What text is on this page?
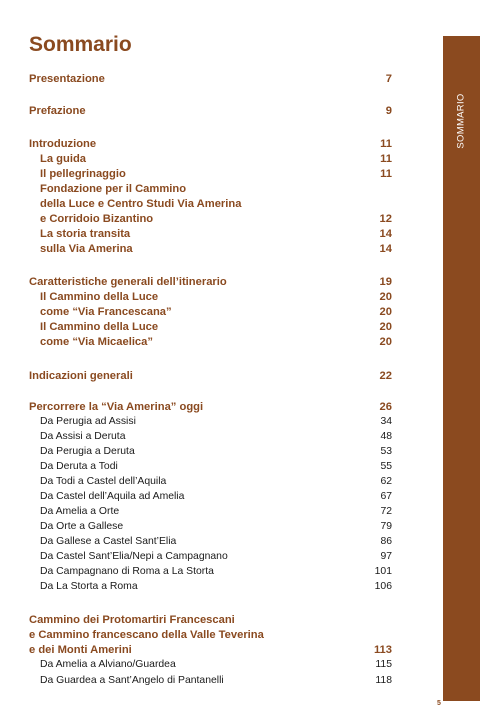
Sommario
SOMMARIO
Presentazione	7
Prefazione	9
Introduzione	11
La guida	11
Il pellegrinaggio	11
Fondazione per il Cammino
della Luce e Centro Studi Via Amerina
e Corridoio Bizantino	12
La storia transita	14
sulla Via Amerina	14
Caratteristiche generali dell’itinerario	19
Il Cammino della Luce	20
come “Via Francescana”	20
Il Cammino della Luce	20
come “Via Micaelica”	20
Indicazioni generali	22
Percorrere la “Via Amerina” oggi	26
Da Perugia ad Assisi	34
Da Assisi a Deruta	48
Da Perugia a Deruta	53
Da Deruta a Todi	55
Da Todi a Castel dell’Aquila	62
Da Castel dell’Aquila ad Amelia	67
Da Amelia a Orte	72
Da Orte a Gallese	79
Da Gallese a Castel Sant’Elia	86
Da Castel Sant’Elia/Nepi a Campagnano	97
Da Campagnano di Roma a La Storta	101
Da La Storta a Roma	106
Cammino dei Protomartiri Francescani
e Cammino francescano della Valle Teverina
e dei Monti Amerini	113
Da Amelia a Alviano/Guardea	115
Da Guardea a Sant’Angelo di Pantanelli	118
5
